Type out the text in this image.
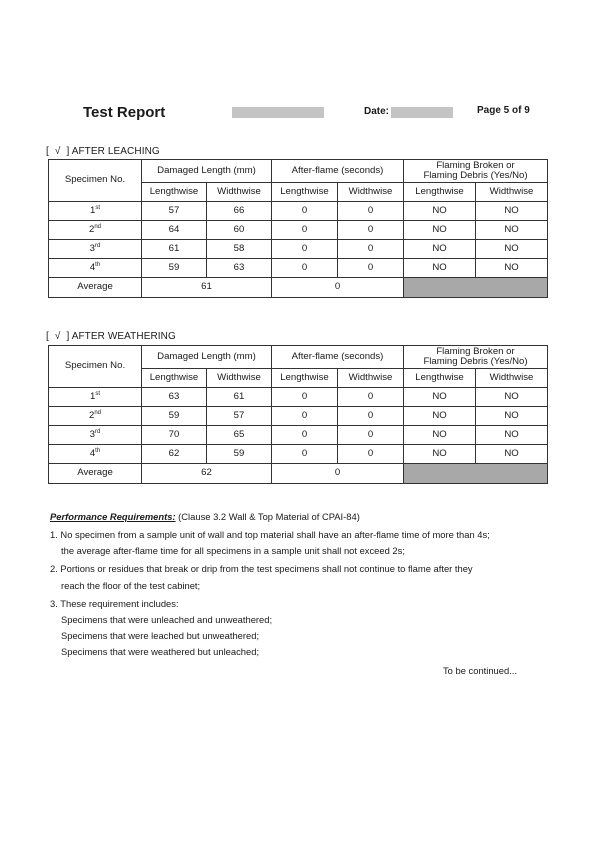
Test Report	Date:	Page 5 of 9
[ √ ] AFTER LEACHING
Specimen No.	Damaged Length (mm)		After-flame (seconds)		Flaming Broken or
Flaming Debris (Yes/No)	
	Lengthwise	Widthwise	Lengthwise	Widthwise	Lengthwise	Widthwise
1st	57	66	0	0	NO	NO
2nd	64	60	0	0	NO	NO
3rd	61	58	0	0	NO	NO
4th	59	63	0	0	NO	NO
Average	61		0			
[ √ ] AFTER WEATHERING
Specimen No.	Damaged Length (mm)		After-flame (seconds)		Flaming Broken or
Flaming Debris (Yes/No)	
	Lengthwise	Widthwise	Lengthwise	Widthwise	Lengthwise	Widthwise
1st	63	61	0	0	NO	NO
2nd	59	57	0	0	NO	NO
3rd	70	65	0	0	NO	NO
4th	62	59	0	0	NO	NO
Average	62		0			

Performance Requirements: (Clause 3.2 Wall & Top Material of CPAI-84)

1. No specimen from a sample unit of wall and top material shall have an after-flame time of more than 4s;

the average after-flame time for all specimens in a sample unit shall not exceed 2s;

2. Portions or residues that break or drip from the test specimens shall not continue to flame after they

reach the floor of the test cabinet;

3. These requirement includes:

Specimens that were unleached and unweathered;

Specimens that were leached but unweathered;

Specimens that were weathered but unleached;

To be continued...
